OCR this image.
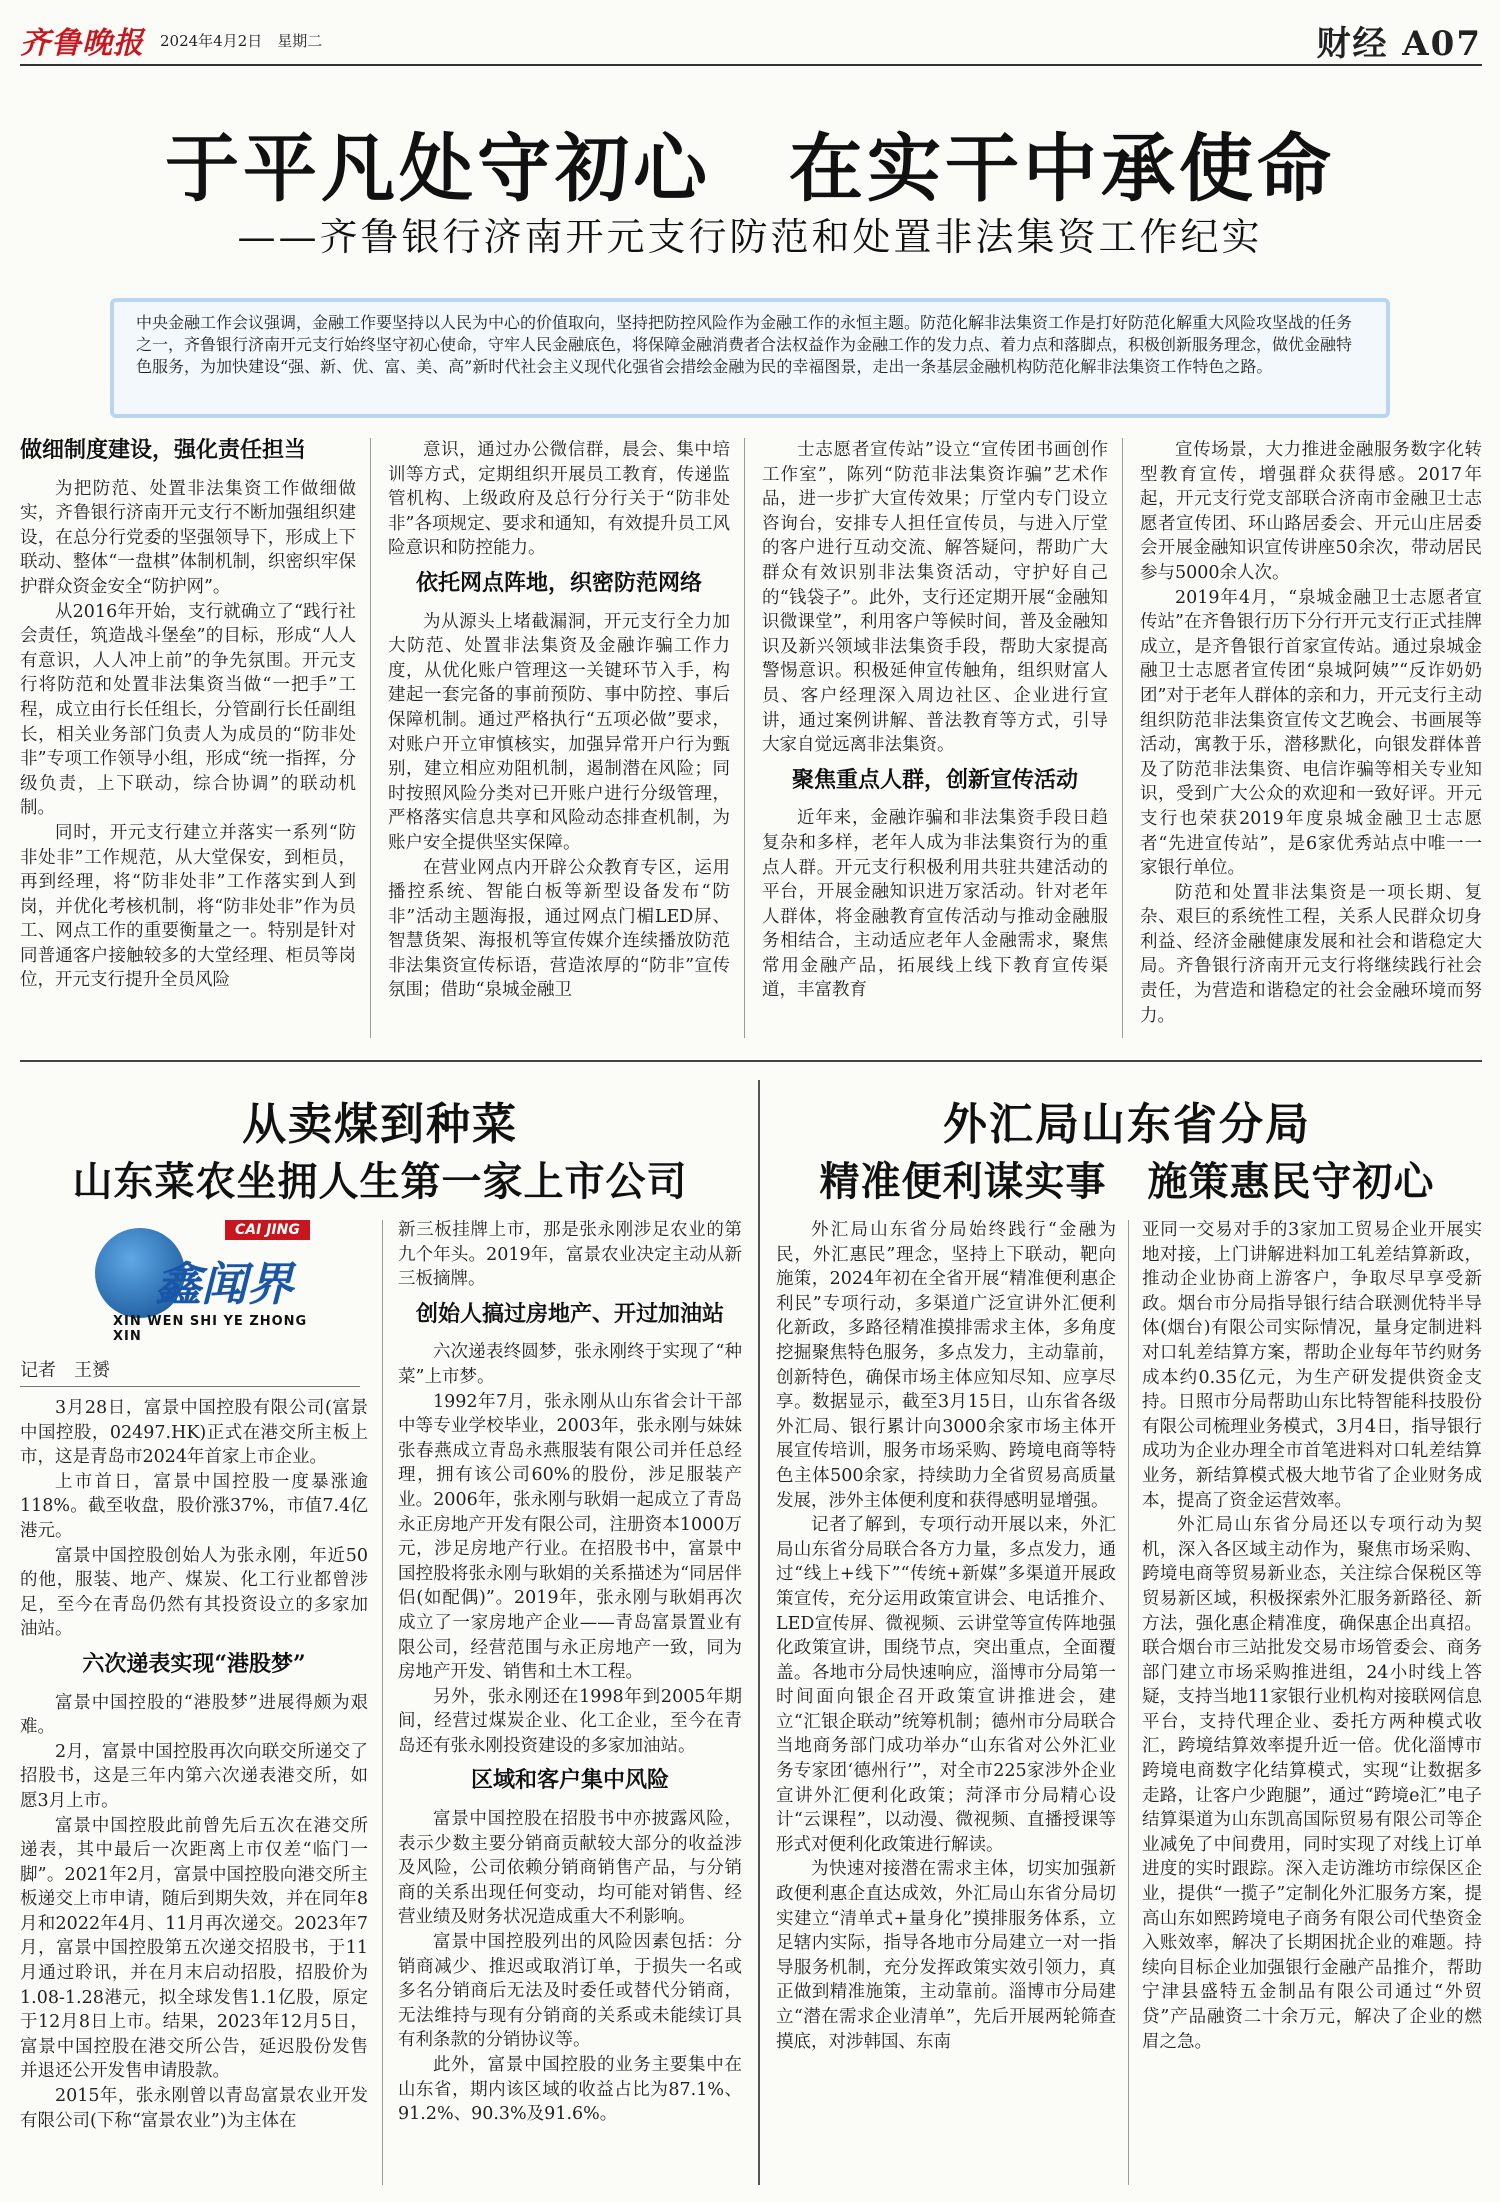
齐鲁晚报 2024年4月2日　星期二	财经 A07
于平凡处守初心　在实干中承使命
——齐鲁银行济南开元支行防范和处置非法集资工作纪实
中央金融工作会议强调，金融工作要坚持以人民为中心的价值取向，坚持把防控风险作为金融工作的永恒主题。防范化解非法集资工作是打好防范化解重大风险攻坚战的任务之一，齐鲁银行济南开元支行始终坚守初心使命，守牢人民金融底色，将保障金融消费者合法权益作为金融工作的发力点、着力点和落脚点，积极创新服务理念，做优金融特色服务，为加快建设“强、新、优、富、美、高”新时代社会主义现代化强省会措绘金融为民的幸福图景，走出一条基层金融机构防范化解非法集资工作特色之路。
做细制度建设，强化责任担当

为把防范、处置非法集资工作做细做实，齐鲁银行济南开元支行不断加强组织建设，在总分行党委的坚强领导下，形成上下联动、整体“一盘棋”体制机制，织密织牢保护群众资金安全“防护网”。

从2016年开始，支行就确立了“践行社会责任，筑造战斗堡垒”的目标，形成“人人有意识，人人冲上前”的争先氛围。开元支行将防范和处置非法集资当做“一把手”工程，成立由行长任组长，分管副行长任副组长，相关业务部门负责人为成员的“防非处非”专项工作领导小组，形成“统一指挥，分级负责，上下联动，综合协调”的联动机制。

同时，开元支行建立并落实一系列“防非处非”工作规范，从大堂保安，到柜员，再到经理，将“防非处非”工作落实到人到岗，并优化考核机制，将“防非处非”作为员工、网点工作的重要衡量之一。特别是针对同普通客户接触较多的大堂经理、柜员等岗位，开元支行提升全员风险

意识，通过办公微信群，晨会、集中培训等方式，定期组织开展员工教育，传递监管机构、上级政府及总行分行关于“防非处非”各项规定、要求和通知，有效提升员工风险意识和防控能力。

依托网点阵地，织密防范网络

为从源头上堵截漏洞，开元支行全力加大防范、处置非法集资及金融诈骗工作力度，从优化账户管理这一关键环节入手，构建起一套完备的事前预防、事中防控、事后保障机制。通过严格执行“五项必做”要求，对账户开立审慎核实，加强异常开户行为甄别，建立相应劝阻机制，遏制潜在风险；同时按照风险分类对已开账户进行分级管理，严格落实信息共享和风险动态排查机制，为账户安全提供坚实保障。

在营业网点内开辟公众教育专区，运用播控系统、智能白板等新型设备发布“防非”活动主题海报，通过网点门楣LED屏、智慧货架、海报机等宣传媒介连续播放防范非法集资宣传标语，营造浓厚的“防非”宣传氛围；借助“泉城金融卫

士志愿者宣传站”设立“宣传团书画创作工作室”，陈列“防范非法集资诈骗”艺术作品，进一步扩大宣传效果；厅堂内专门设立咨询台，安排专人担任宣传员，与进入厅堂的客户进行互动交流、解答疑问，帮助广大群众有效识别非法集资活动，守护好自己的“钱袋子”。此外，支行还定期开展“金融知识微课堂”，利用客户等候时间，普及金融知识及新兴领域非法集资手段，帮助大家提高警惕意识。积极延伸宣传触角，组织财富人员、客户经理深入周边社区、企业进行宣讲，通过案例讲解、普法教育等方式，引导大家自觉远离非法集资。

聚焦重点人群，创新宣传活动

近年来，金融诈骗和非法集资手段日趋复杂和多样，老年人成为非法集资行为的重点人群。开元支行积极利用共驻共建活动的平台，开展金融知识进万家活动。针对老年人群体，将金融教育宣传活动与推动金融服务相结合，主动适应老年人金融需求，聚焦常用金融产品，拓展线上线下教育宣传渠道，丰富教育

宣传场景，大力推进金融服务数字化转型教育宣传，增强群众获得感。2017年起，开元支行党支部联合济南市金融卫士志愿者宣传团、环山路居委会、开元山庄居委会开展金融知识宣传讲座50余次，带动居民参与5000余人次。

2019年4月，“泉城金融卫士志愿者宣传站”在齐鲁银行历下分行开元支行正式挂牌成立，是齐鲁银行首家宣传站。通过泉城金融卫士志愿者宣传团“泉城阿姨”“反诈奶奶团”对于老年人群体的亲和力，开元支行主动组织防范非法集资宣传文艺晚会、书画展等活动，寓教于乐，潜移默化，向银发群体普及了防范非法集资、电信诈骗等相关专业知识，受到广大公众的欢迎和一致好评。开元支行也荣获2019年度泉城金融卫士志愿者“先进宣传站”，是6家优秀站点中唯一一家银行单位。

防范和处置非法集资是一项长期、复杂、艰巨的系统性工程，关系人民群众切身利益、经济金融健康发展和社会和谐稳定大局。齐鲁银行济南开元支行将继续践行社会责任，为营造和谐稳定的社会金融环境而努力。

从卖煤到种菜
山东菜农坐拥人生第一家上市公司
CAI JING
鑫闻界
XIN WEN SHI YE ZHONG XIN
记者　王赟

3月28日，富景中国控股有限公司(富景中国控股，02497.HK)正式在港交所主板上市，这是青岛市2024年首家上市企业。

上市首日，富景中国控股一度暴涨逾118%。截至收盘，股价涨37%，市值7.4亿港元。

富景中国控股创始人为张永刚，年近50的他，服装、地产、煤炭、化工行业都曾涉足，至今在青岛仍然有其投资设立的多家加油站。

六次递表实现“港股梦”

富景中国控股的“港股梦”进展得颇为艰难。

2月，富景中国控股再次向联交所递交了招股书，这是三年内第六次递表港交所，如愿3月上市。

富景中国控股此前曾先后五次在港交所递表，其中最后一次距离上市仅差“临门一脚”。2021年2月，富景中国控股向港交所主板递交上市申请，随后到期失效，并在同年8月和2022年4月、11月再次递交。2023年7月，富景中国控股第五次递交招股书，于11月通过聆讯，并在月末启动招股，招股价为1.08-1.28港元，拟全球发售1.1亿股，原定于12月8日上市。结果，2023年12月5日，富景中国控股在港交所公告，延迟股份发售并退还公开发售申请股款。

2015年，张永刚曾以青岛富景农业开发有限公司(下称“富景农业”)为主体在

新三板挂牌上市，那是张永刚涉足农业的第九个年头。2019年，富景农业决定主动从新三板摘牌。

创始人搞过房地产、开过加油站

六次递表终圆梦，张永刚终于实现了“种菜”上市梦。

1992年7月，张永刚从山东省会计干部中等专业学校毕业，2003年，张永刚与妹妹张春燕成立青岛永燕服装有限公司并任总经理，拥有该公司60%的股份，涉足服装产业。2006年，张永刚与耿娟一起成立了青岛永正房地产开发有限公司，注册资本1000万元，涉足房地产行业。在招股书中，富景中国控股将张永刚与耿娟的关系描述为“同居伴侣(如配偶)”。2019年，张永刚与耿娟再次成立了一家房地产企业——青岛富景置业有限公司，经营范围与永正房地产一致，同为房地产开发、销售和土木工程。

另外，张永刚还在1998年到2005年期间，经营过煤炭企业、化工企业，至今在青岛还有张永刚投资建设的多家加油站。

区域和客户集中风险

富景中国控股在招股书中亦披露风险，表示少数主要分销商贡献较大部分的收益涉及风险，公司依赖分销商销售产品，与分销商的关系出现任何变动，均可能对销售、经营业绩及财务状况造成重大不利影响。

富景中国控股列出的风险因素包括：分销商减少、推迟或取消订单，于损失一名或多名分销商后无法及时委任或替代分销商，无法维持与现有分销商的关系或未能续订具有利条款的分销协议等。

此外，富景中国控股的业务主要集中在山东省，期内该区域的收益占比为87.1%、91.2%、90.3%及91.6%。

外汇局山东省分局
精准便利谋实事　施策惠民守初心

外汇局山东省分局始终践行“金融为民，外汇惠民”理念，坚持上下联动，靶向施策，2024年初在全省开展“精准便利惠企利民”专项行动，多渠道广泛宣讲外汇便利化新政，多路径精准摸排需求主体，多角度挖掘聚焦特色服务，多点发力，主动靠前，创新特色，确保市场主体应知尽知、应享尽享。数据显示，截至3月15日，山东省各级外汇局、银行累计向3000余家市场主体开展宣传培训，服务市场采购、跨境电商等特色主体500余家，持续助力全省贸易高质量发展，涉外主体便利度和获得感明显增强。

记者了解到，专项行动开展以来，外汇局山东省分局联合各方力量，多点发力，通过“线上+线下”“传统+新媒”多渠道开展政策宣传，充分运用政策宣讲会、电话推介、LED宣传屏、微视频、云讲堂等宣传阵地强化政策宣讲，围绕节点，突出重点，全面覆盖。各地市分局快速响应，淄博市分局第一时间面向银企召开政策宣讲推进会，建立“汇银企联动”统筹机制；德州市分局联合当地商务部门成功举办“山东省对公外汇业务专家团‘德州行’”，对全市225家涉外企业宣讲外汇便利化政策；菏泽市分局精心设计“云课程”，以动漫、微视频、直播授课等形式对便利化政策进行解读。

为快速对接潜在需求主体，切实加强新政便利惠企直达成效，外汇局山东省分局切实建立“清单式+量身化”摸排服务体系，立足辖内实际，指导各地市分局建立一对一指导服务机制，充分发挥政策实效引领力，真正做到精准施策，主动靠前。淄博市分局建立“潜在需求企业清单”，先后开展两轮筛查摸底，对涉韩国、东南

亚同一交易对手的3家加工贸易企业开展实地对接，上门讲解进料加工轧差结算新政，推动企业协商上游客户，争取尽早享受新政。烟台市分局指导银行结合联测优特半导体(烟台)有限公司实际情况，量身定制进料对口轧差结算方案，帮助企业每年节约财务成本约0.35亿元，为生产研发提供资金支持。日照市分局帮助山东比特智能科技股份有限公司梳理业务模式，3月4日，指导银行成功为企业办理全市首笔进料对口轧差结算业务，新结算模式极大地节省了企业财务成本，提高了资金运营效率。

外汇局山东省分局还以专项行动为契机，深入各区域主动作为，聚焦市场采购、跨境电商等贸易新业态，关注综合保税区等贸易新区域，积极探索外汇服务新路径、新方法，强化惠企精准度，确保惠企出真招。联合烟台市三站批发交易市场管委会、商务部门建立市场采购推进组，24小时线上答疑，支持当地11家银行业机构对接联网信息平台，支持代理企业、委托方两种模式收汇，跨境结算效率提升近一倍。优化淄博市跨境电商数字化结算模式，实现“让数据多走路，让客户少跑腿”，通过“跨境e汇”电子结算渠道为山东凯高国际贸易有限公司等企业减免了中间费用，同时实现了对线上订单进度的实时跟踪。深入走访潍坊市综保区企业，提供“一揽子”定制化外汇服务方案，提高山东如熙跨境电子商务有限公司代垫资金入账效率，解决了长期困扰企业的难题。持续向目标企业加强银行金融产品推介，帮助宁津县盛特五金制品有限公司通过“外贸贷”产品融资二十余万元，解决了企业的燃眉之急。
